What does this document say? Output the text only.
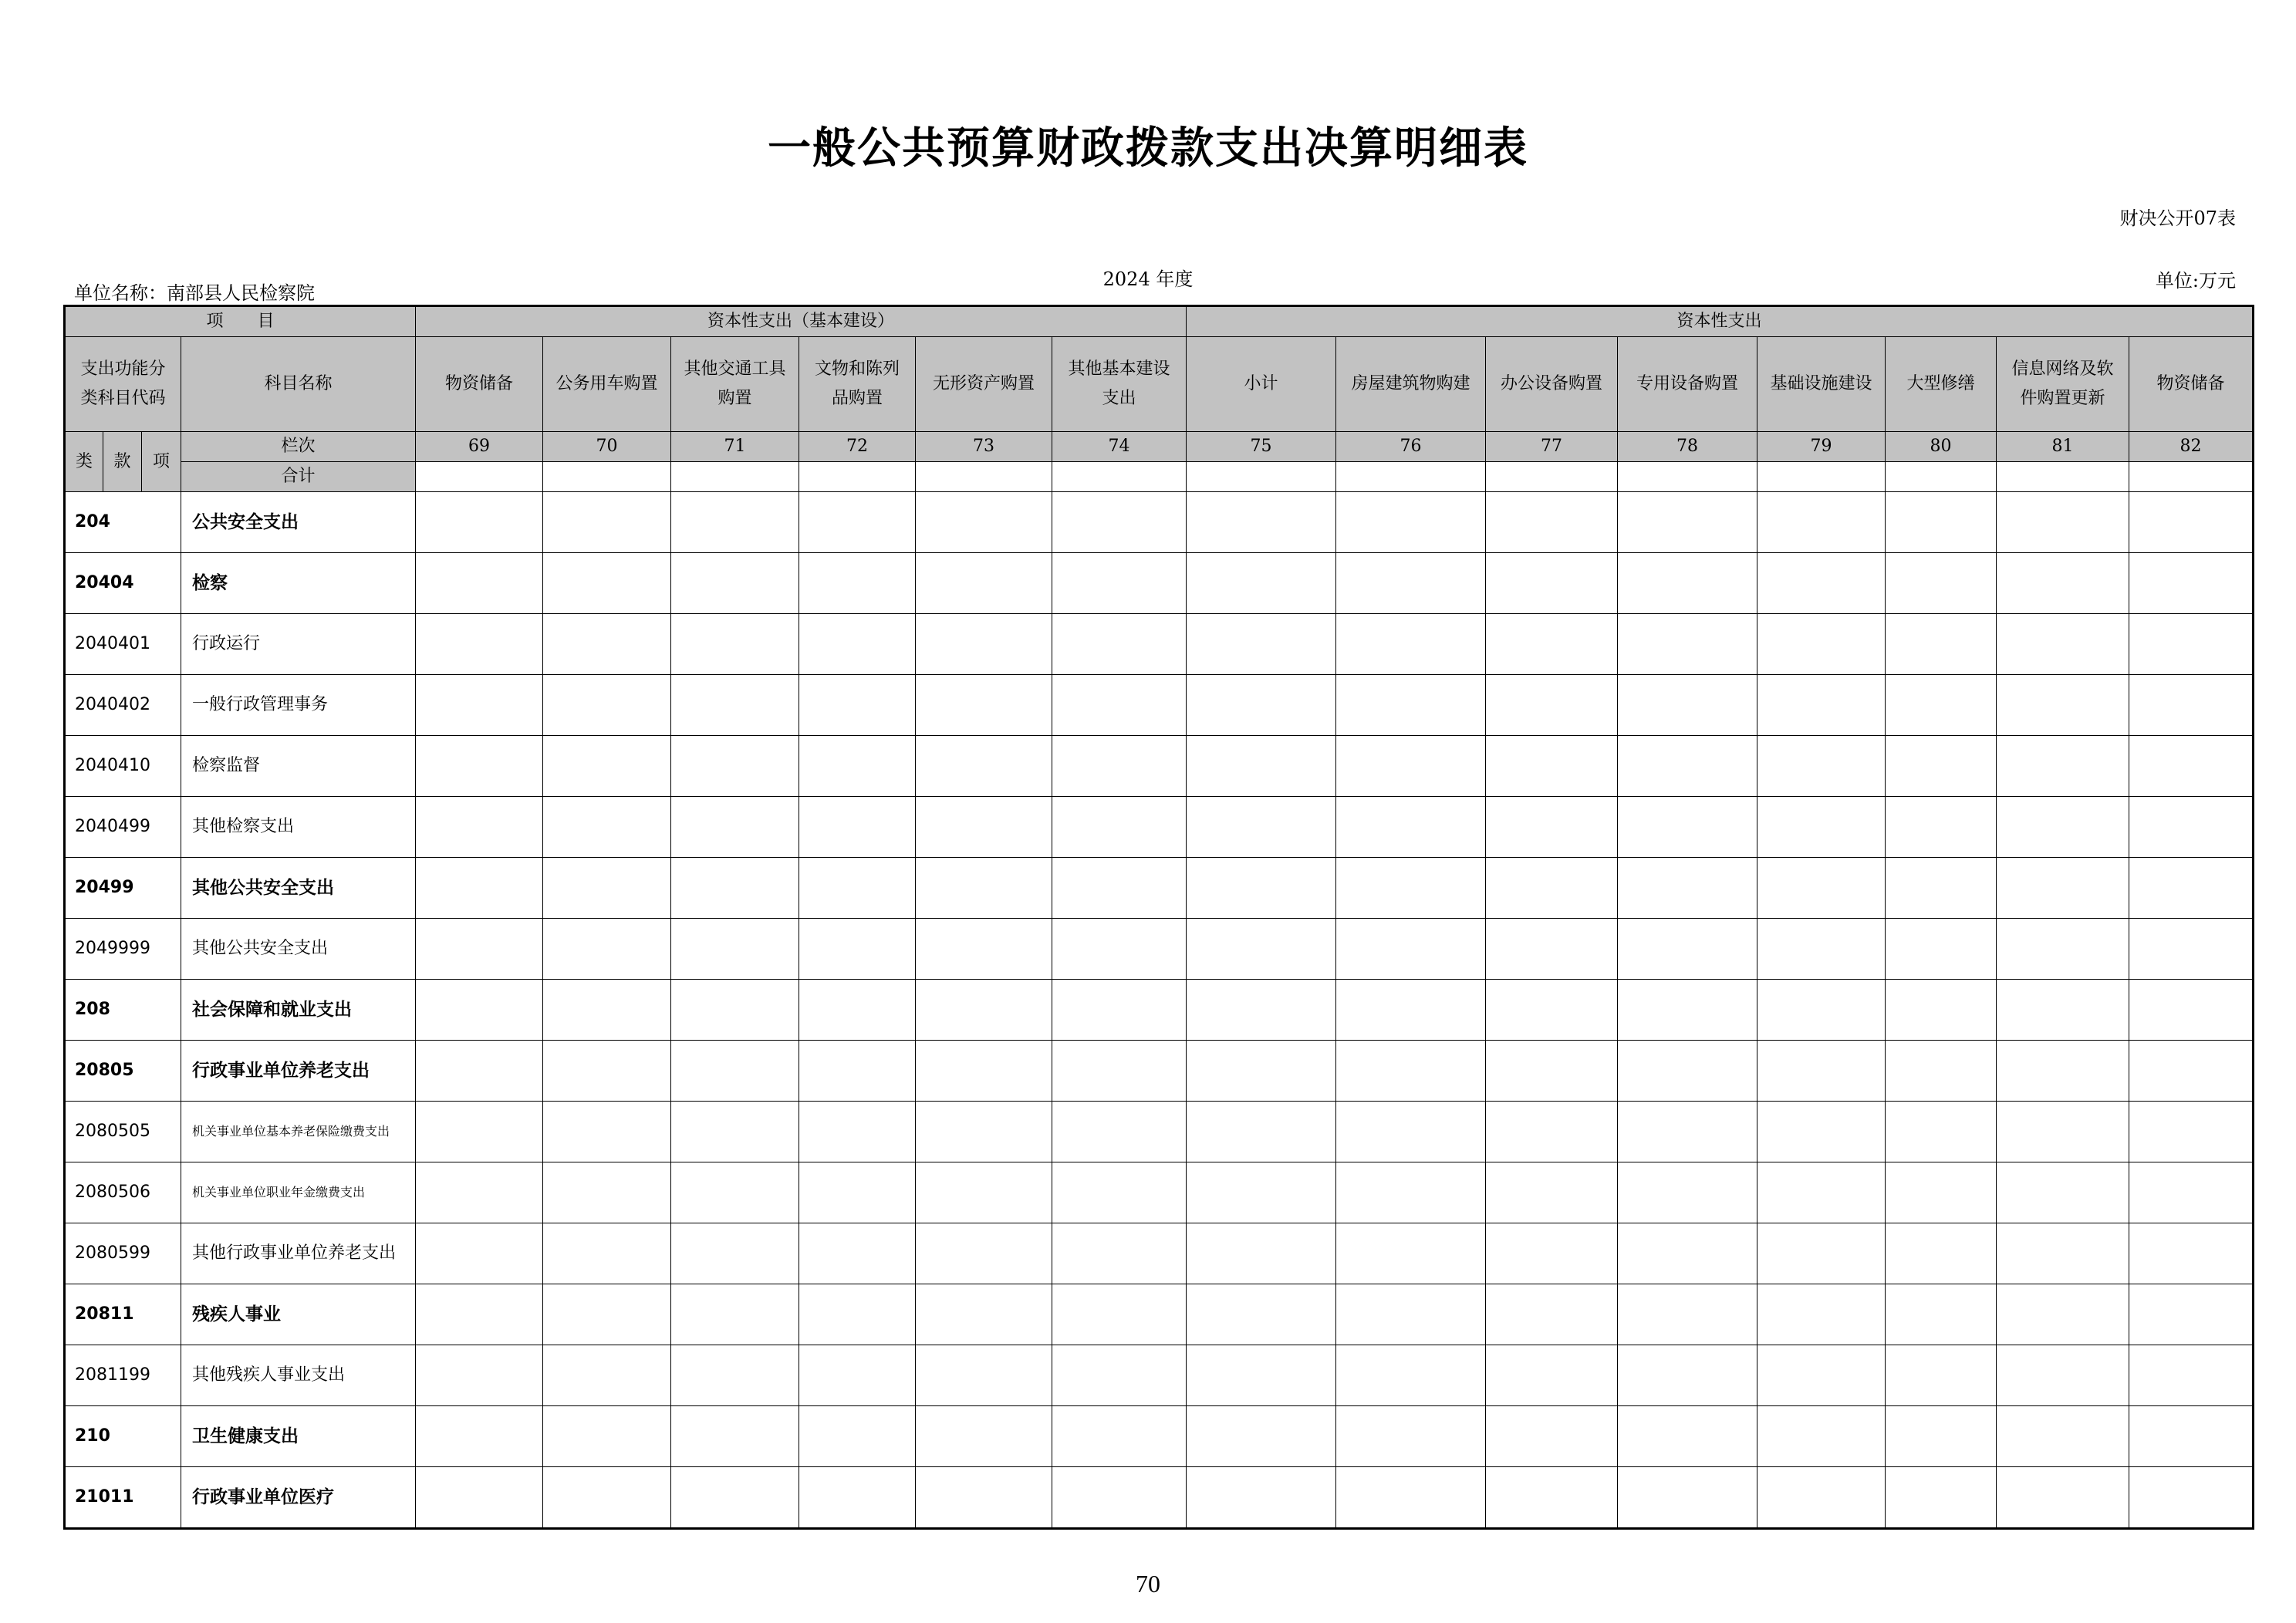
一般公共预算财政拨款支出决算明细表
财决公开07表
单位名称：南部县人民检察院
2024 年度	单位:万元
项　　目				资本性支出（基本建设）						资本性支出							
支出功能分类科目代码			科目名称	物资储备	公务用车购置	其他交通工具购置	文物和陈列品购置	无形资产购置	其他基本建设支出	小计	房屋建筑物购建	办公设备购置	专用设备购置	基础设施建设	大型修缮	信息网络及软件购置更新	物资储备
类	款	项	栏次	69	70	71	72	73	74	75	76	77	78	79	80	81	82
			合计														
204			公共安全支出														
20404			检察														
2040401			行政运行														
2040402			一般行政管理事务														
2040410			检察监督														
2040499			其他检察支出														
20499			其他公共安全支出														
2049999			其他公共安全支出														
208			社会保障和就业支出														
20805			行政事业单位养老支出														
2080505			机关事业单位基本养老保险缴费支出														
2080506			机关事业单位职业年金缴费支出														
2080599			其他行政事业单位养老支出														
20811			残疾人事业														
2081199			其他残疾人事业支出														
210			卫生健康支出														
21011			行政事业单位医疗														
70
